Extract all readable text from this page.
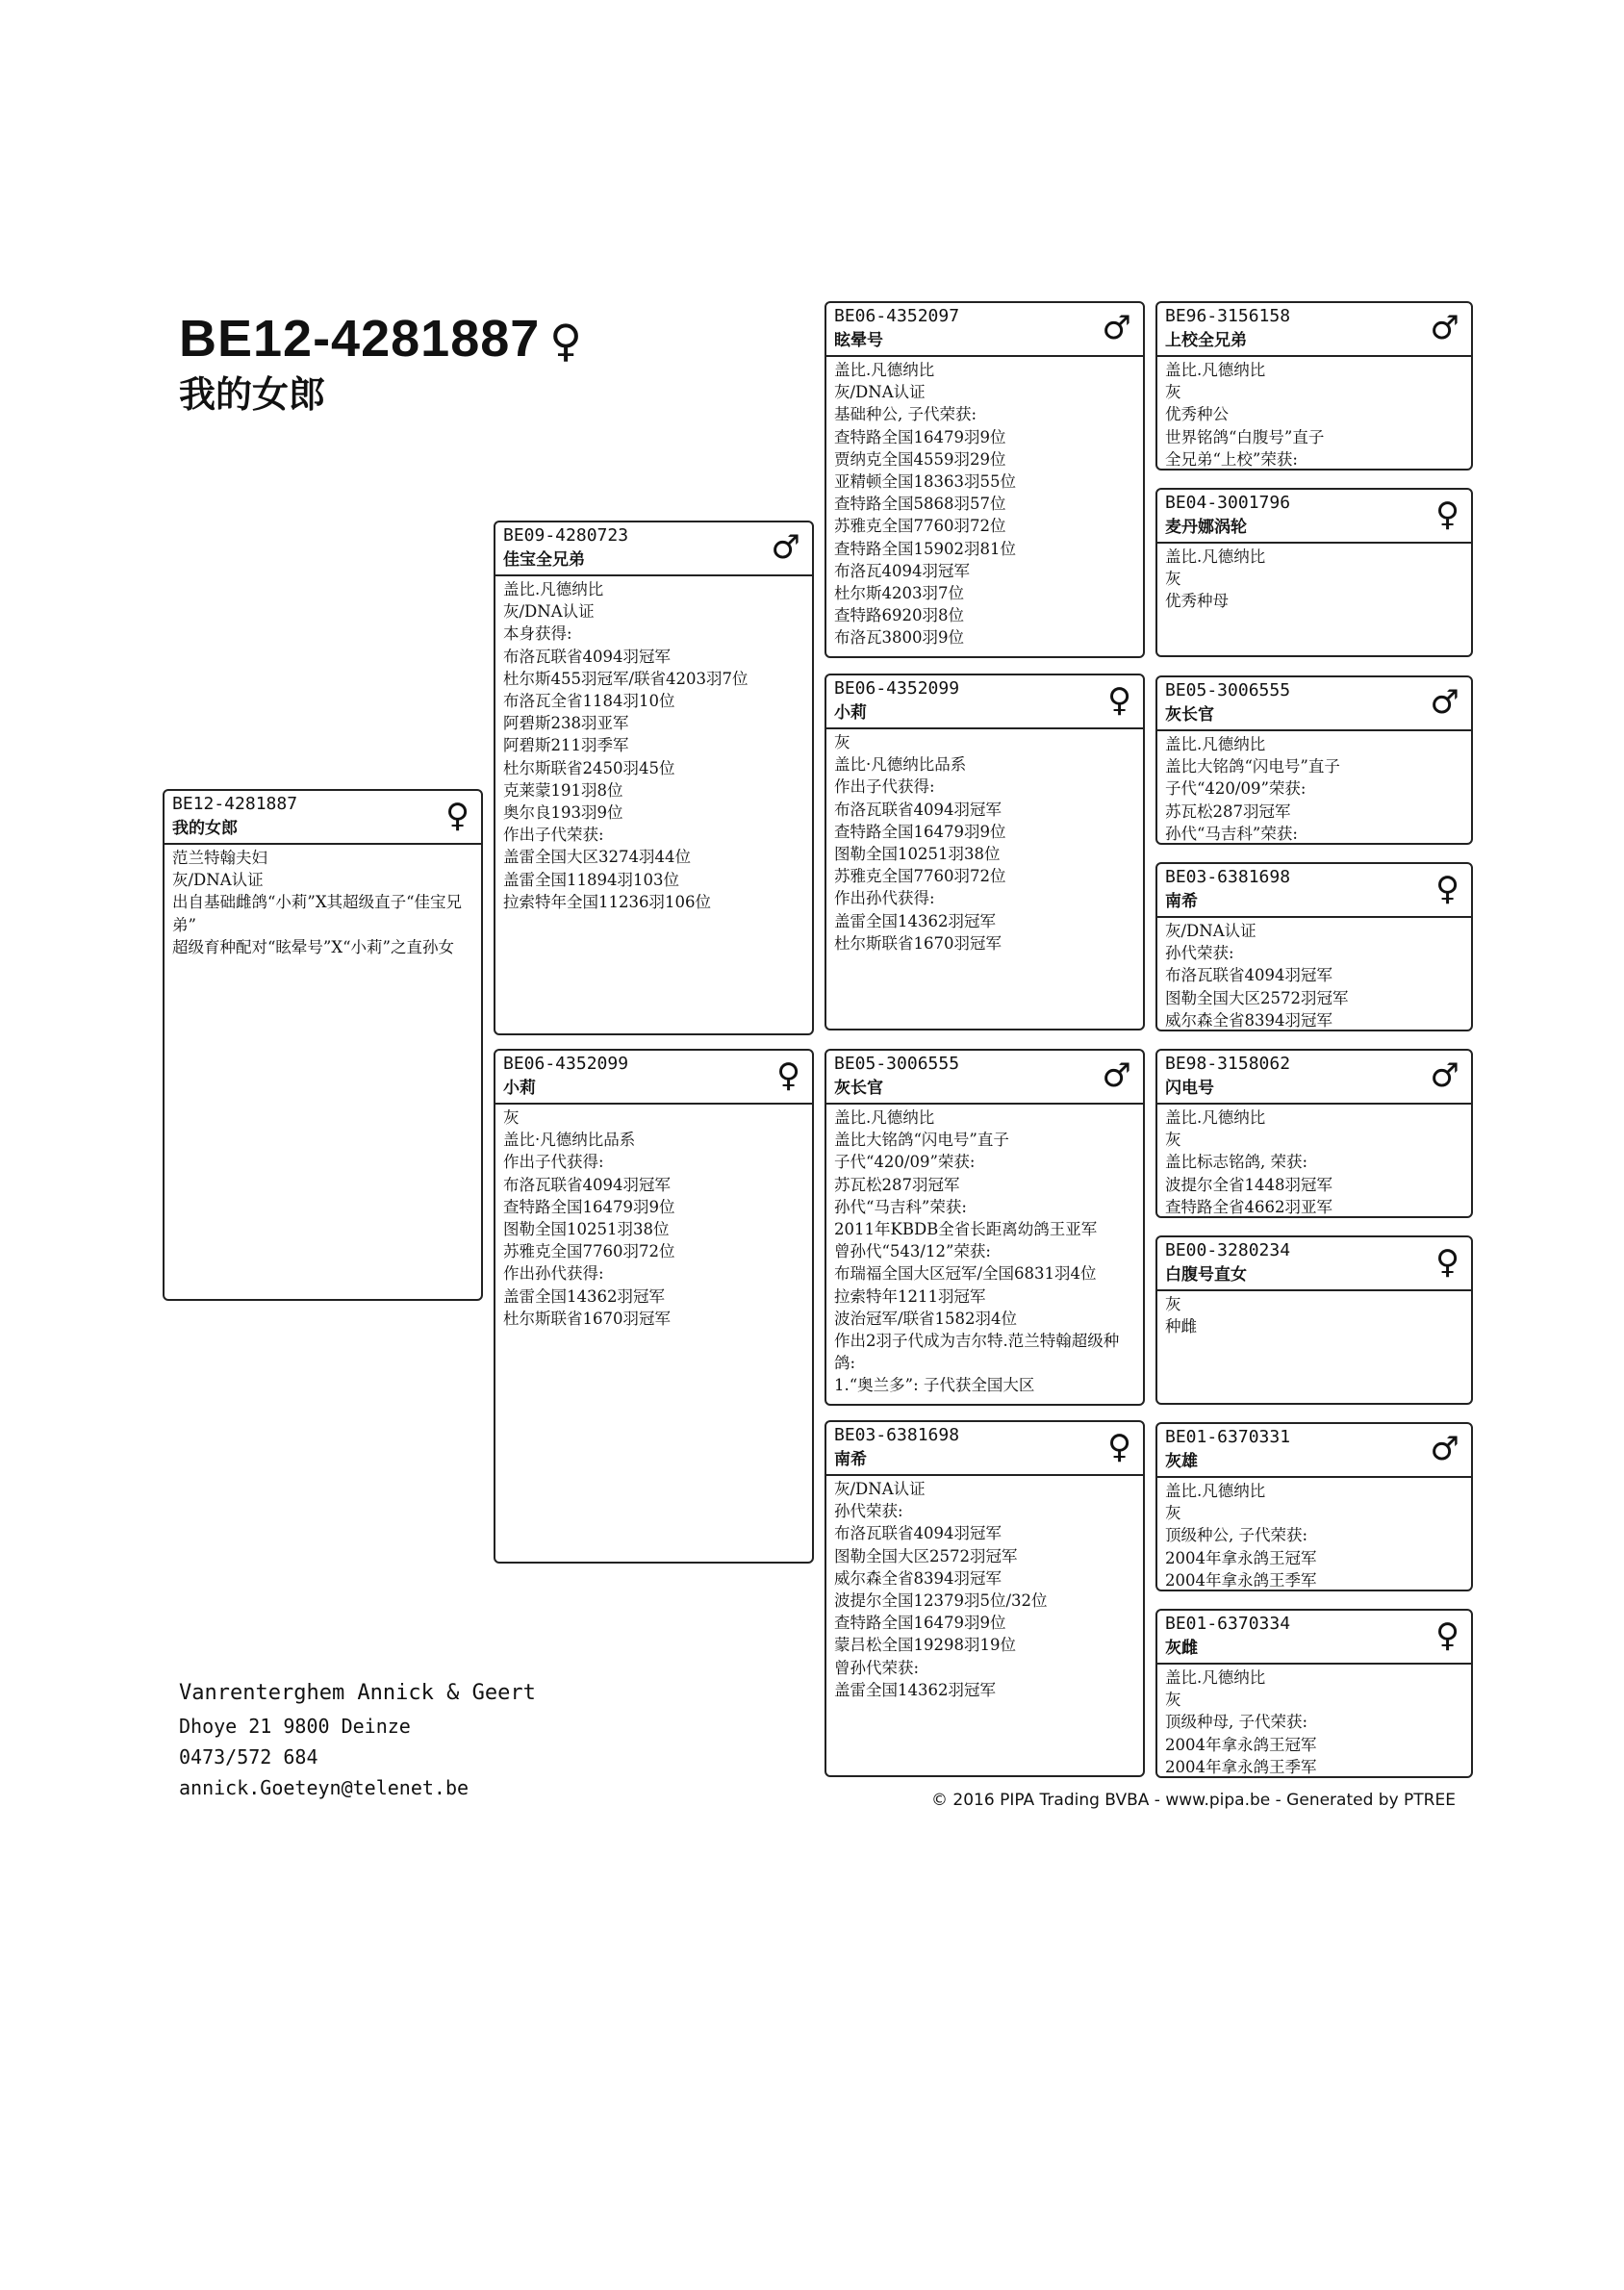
BE12-4281887 ♀
我的女郎
BE12-4281887
我的女郎	♀
范兰特翰夫妇
灰/DNA认证
出自基础雌鸽“小莉”X其超级直子“佳宝兄弟”
超级育种配对“眩晕号”X“小莉”之直孙女
BE09-4280723
佳宝全兄弟	♂
盖比.凡德纳比
灰/DNA认证
本身获得:
布洛瓦联省4094羽冠军
杜尔斯455羽冠军/联省4203羽7位
布洛瓦全省1184羽10位
阿碧斯238羽亚军
阿碧斯211羽季军
杜尔斯联省2450羽45位
克莱蒙191羽8位
奥尔良193羽9位
作出子代荣获:
盖雷全国大区3274羽44位
盖雷全国11894羽103位
拉索特年全国11236羽106位
BE06-4352099
小莉	♀
灰
盖比·凡德纳比品系
作出子代获得:
布洛瓦联省4094羽冠军
查特路全国16479羽9位
图勒全国10251羽38位
苏雅克全国7760羽72位
作出孙代获得:
盖雷全国14362羽冠军
杜尔斯联省1670羽冠军
BE06-4352097
眩晕号	♂
盖比.凡德纳比
灰/DNA认证
基础种公, 子代荣获:
查特路全国16479羽9位
贾纳克全国4559羽29位
亚精顿全国18363羽55位
查特路全国5868羽57位
苏雅克全国7760羽72位
查特路全国15902羽81位
布洛瓦4094羽冠军
杜尔斯4203羽7位
查特路6920羽8位
布洛瓦3800羽9位
BE06-4352099
小莉	♀
灰
盖比·凡德纳比品系
作出子代获得:
布洛瓦联省4094羽冠军
查特路全国16479羽9位
图勒全国10251羽38位
苏雅克全国7760羽72位
作出孙代获得:
盖雷全国14362羽冠军
杜尔斯联省1670羽冠军
BE05-3006555
灰长官	♂
盖比.凡德纳比
盖比大铭鸽“闪电号”直子
子代“420/09”荣获:
苏瓦松287羽冠军
孙代“马吉科”荣获:
2011年KBDB全省长距离幼鸽王亚军
曾孙代“543/12”荣获:
布瑞福全国大区冠军/全国6831羽4位
拉索特年1211羽冠军
波治冠军/联省1582羽4位
作出2羽子代成为吉尔特.范兰特翰超级种鸽:
1.“奥兰多”: 子代获全国大区
BE03-6381698
南希	♀
灰/DNA认证
孙代荣获:
布洛瓦联省4094羽冠军
图勒全国大区2572羽冠军
威尔森全省8394羽冠军
波提尔全国12379羽5位/32位
查特路全国16479羽9位
蒙吕松全国19298羽19位
曾孙代荣获:
盖雷全国14362羽冠军
BE96-3156158
上校全兄弟	♂
盖比.凡德纳比
灰
优秀种公
世界铭鸽“白腹号”直子
全兄弟“上校”荣获:
BE04-3001796
麦丹娜涡轮	♀
盖比.凡德纳比
灰
优秀种母
BE05-3006555
灰长官	♂
盖比.凡德纳比
盖比大铭鸽“闪电号”直子
子代“420/09”荣获:
苏瓦松287羽冠军
孙代“马吉科”荣获:
BE03-6381698
南希	♀
灰/DNA认证
孙代荣获:
布洛瓦联省4094羽冠军
图勒全国大区2572羽冠军
威尔森全省8394羽冠军
BE98-3158062
闪电号	♂
盖比.凡德纳比
灰
盖比标志铭鸽, 荣获:
波提尔全省1448羽冠军
查特路全省4662羽亚军
BE00-3280234
白腹号直女	♀
灰
种雌
BE01-6370331
灰雄	♂
盖比.凡德纳比
灰
顶级种公, 子代荣获:
2004年拿永鸽王冠军
2004年拿永鸽王季军
BE01-6370334
灰雌	♀
盖比.凡德纳比
灰
顶级种母, 子代荣获:
2004年拿永鸽王冠军
2004年拿永鸽王季军
Vanrenterghem Annick & Geert
Dhoye 21 9800 Deinze
0473/572 684
annick.Goeteyn@telenet.be
© 2016 PIPA Trading BVBA - www.pipa.be - Generated by PTREE
